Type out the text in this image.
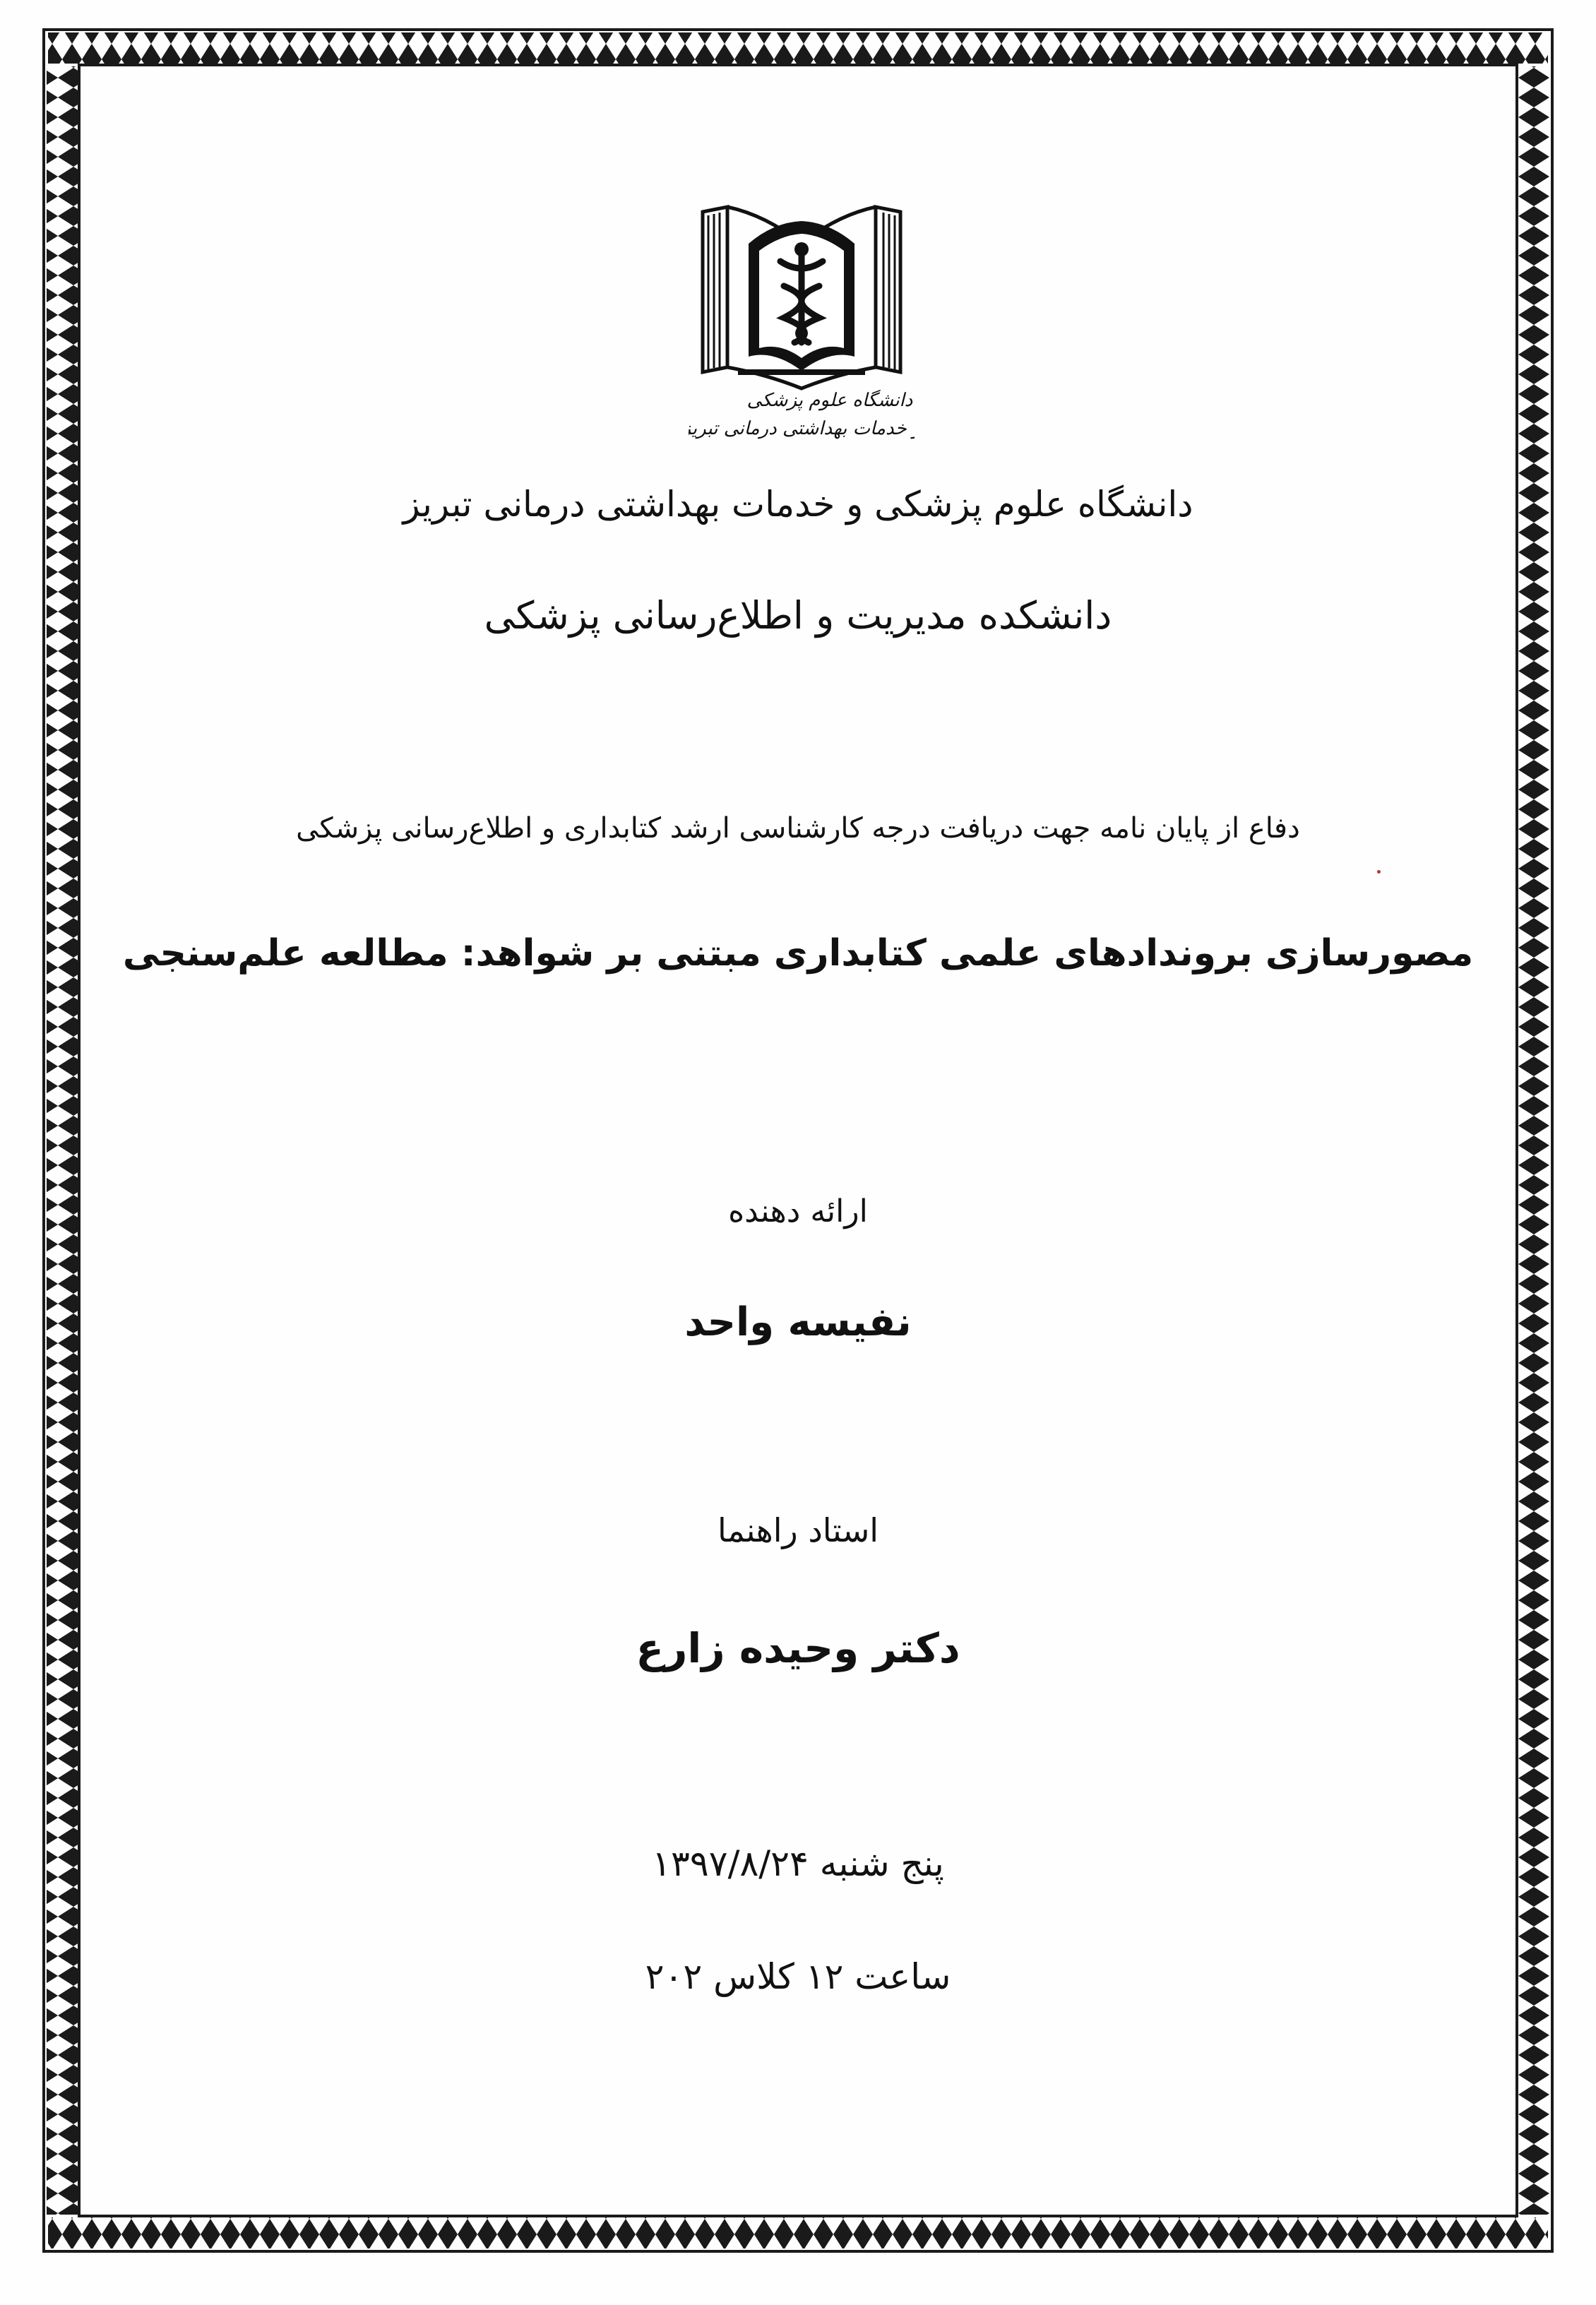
دانشگاه علوم پزشکی
و خدمات بهداشتی درمانی تبریز
دانشگاه علوم پزشکی و خدمات بهداشتی درمانی تبریز
دانشکده مدیریت و اطلاع‌رسانی پزشکی
دفاع از پایان نامه جهت دریافت درجه کارشناسی ارشد کتابداری و اطلاع‌رسانی پزشکی
مصورسازی بروندادهای علمی کتابداری مبتنی بر شواهد: مطالعه علم‌سنجی
ارائه دهنده
نفیسه واحد
استاد راهنما
دکتر وحیده زارع
پنج شنبه ۱۳۹۷/۸/۲۴
ساعت ۱۲ کلاس ۲۰۲
